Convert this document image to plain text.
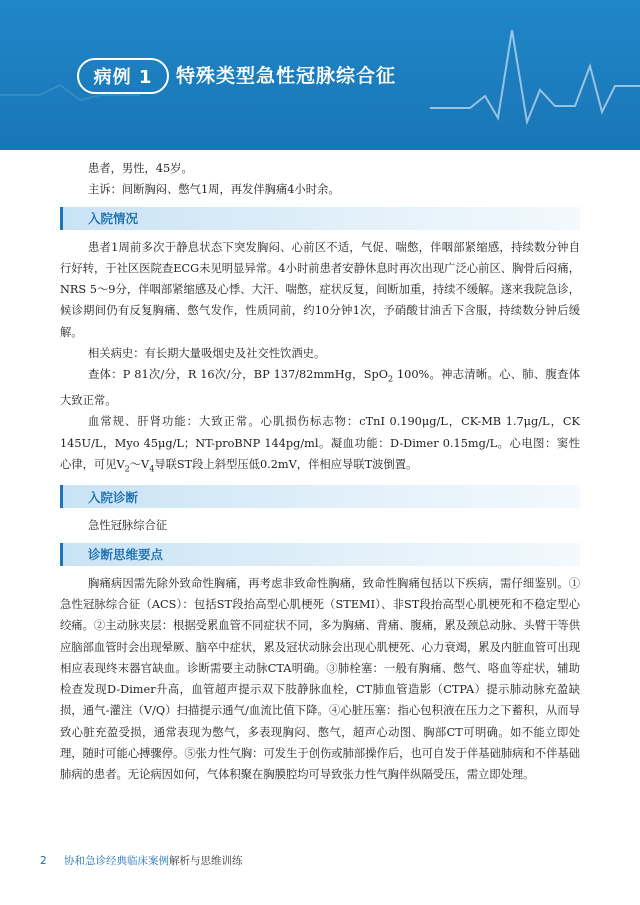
病例 1	特殊类型急性冠脉综合征

患者，男性，45岁。

主诉：间断胸闷、憋气1周，再发伴胸痛4小时余。

入院情况

患者1周前多次于静息状态下突发胸闷、心前区不适，气促、喘憋，伴咽部紧缩感，持续数分钟自行好转，于社区医院查ECG未见明显异常。4小时前患者安静休息时再次出现广泛心前区、胸骨后闷痛，NRS 5～9分，伴咽部紧缩感及心悸、大汗、喘憋，症状反复，间断加重，持续不缓解。遂来我院急诊，候诊期间仍有反复胸痛、憋气发作，性质同前，约10分钟1次，予硝酸甘油舌下含服，持续数分钟后缓解。

相关病史：有长期大量吸烟史及社交性饮酒史。

查体：P 81次/分，R 16次/分，BP 137/82mmHg，SpO$_2$ 100%。神志清晰。心、肺、腹查体大致正常。

血常规、肝肾功能：大致正常。心肌损伤标志物：cTnI 0.190μg/L，CK-MB 1.7μg/L，CK 145U/L，Myo 45μg/L；NT-proBNP 144pg/ml。凝血功能：D-Dimer 0.15mg/L。心电图：窦性心律，可见$V_2\sim V_4$导联ST段上斜型压低0.2mV，伴相应导联T波倒置。

入院诊断

急性冠脉综合征

诊断思维要点

胸痛病因需先除外致命性胸痛，再考虑非致命性胸痛，致命性胸痛包括以下疾病，需仔细鉴别。①急性冠脉综合征（ACS）：包括ST段抬高型心肌梗死（STEMI）、非ST段抬高型心肌梗死和不稳定型心绞痛。②主动脉夹层：根据受累血管不同症状不同，多为胸痛、背痛、腹痛，累及颈总动脉、头臂干等供应脑部血管时会出现晕厥、脑卒中症状，累及冠状动脉会出现心肌梗死、心力衰竭，累及内脏血管可出现相应表现终末器官缺血。诊断需要主动脉CTA明确。③肺栓塞：一般有胸痛、憋气、咯血等症状，辅助检查发现D-Dimer升高，血管超声提示双下肢静脉血栓，CT肺血管造影（CTPA）提示肺动脉充盈缺损，通气-灌注（V/Q）扫描提示通气/血流比值下降。④心脏压塞：指心包积液在压力之下蓄积，从而导致心脏充盈受损，通常表现为憋气，多表现胸闷、憋气，超声心动图、胸部CT可明确。如不能立即处理，随时可能心搏骤停。⑤张力性气胸：可发生于创伤或肺部操作后，也可自发于伴基础肺病和不伴基础肺病的患者。无论病因如何，气体积聚在胸膜腔均可导致张力性气胸伴纵隔受压，需立即处理。

2 协和急诊经典临床案例解析与思维训练
